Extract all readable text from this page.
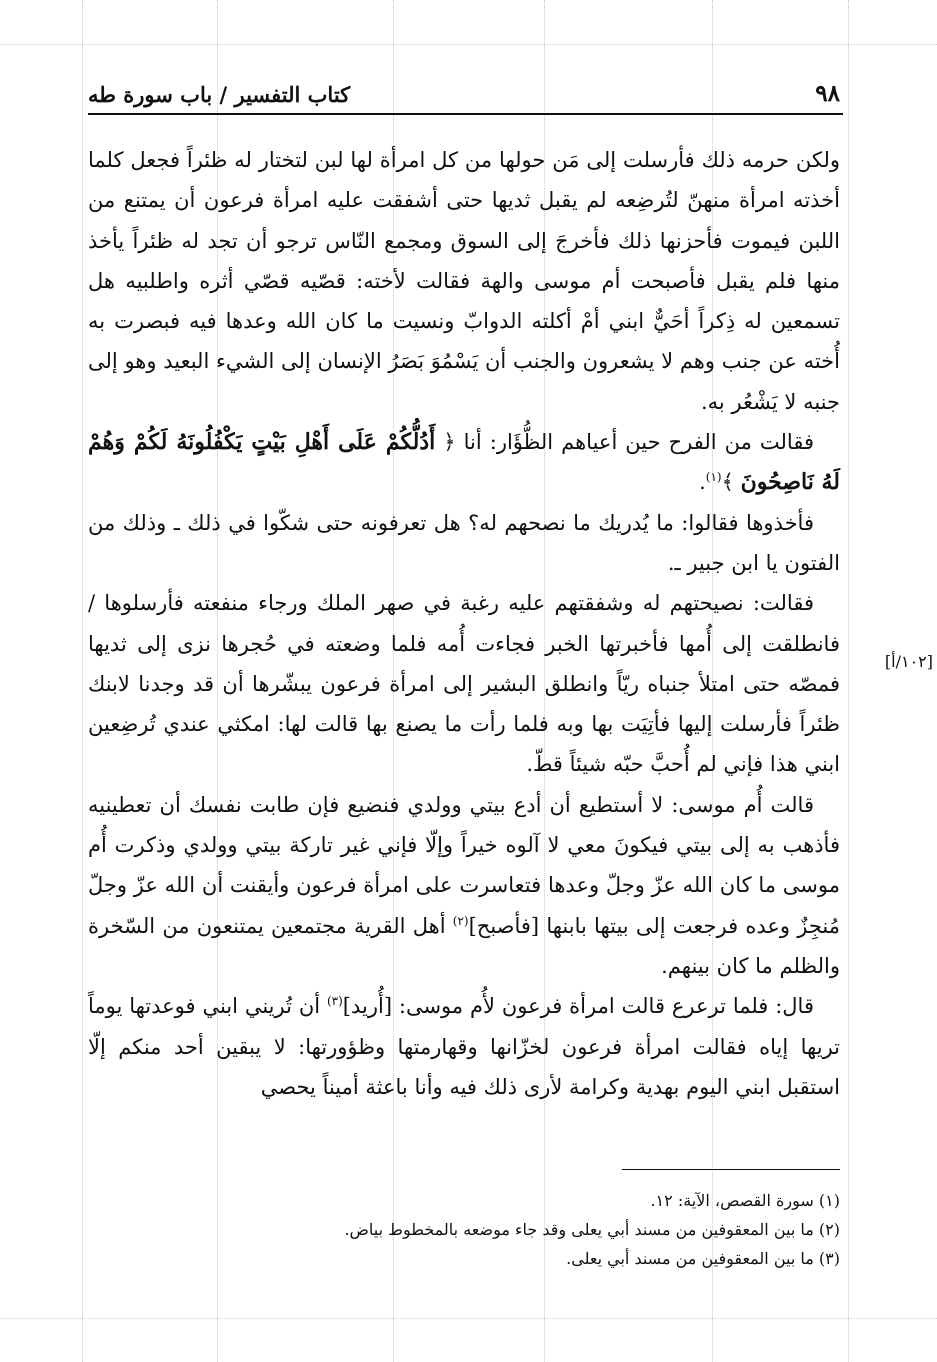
٩٨
كتاب التفسير / باب سورة طه
[١٠٢/أ]

ولكن حرمه ذلك فأرسلت إلى مَن حولها من كل امرأة لها لبن لتختار له ظئراً فجعل كلما أخذته امرأة منهنّ لتُرضِعه لم يقبل ثديها حتى أشفقت عليه امرأة فرعون أن يمتنع من اللبن فيموت فأحزنها ذلك فأخرجَ إلى السوق ومجمع النّاس ترجو أن تجد له ظئراً يأخذ منها فلم يقبل فأصبحت أم موسى والهة فقالت لأخته: قصّيه قصّي أثره واطلبيه هل تسمعين له ذِكراً أحَيٌّ ابني أمْ أكلته الدوابّ ونسيت ما كان الله وعدها فيه فبصرت به أُخته عن جنب وهم لا يشعرون والجنب أن يَسْمُوَ بَصَرُ الإنسان إلى الشيء البعيد وهو إلى جنبه لا يَشْعُر به.

فقالت من الفرح حين أعياهم الظُّؤَار: أنا ﴿ أَدُلُّكُمْ عَلَى أَهْلِ بَيْتٍ يَكْفُلُونَهُ لَكُمْ وَهُمْ لَهُ نَاصِحُونَ ﴾$^{(١)}$.

فأخذوها فقالوا: ما يُدريك ما نصحهم له؟ هل تعرفونه حتى شكّوا في ذلك ـ وذلك من الفتون يا ابن جبير ـ.

فقالت: نصيحتهم له وشفقتهم عليه رغبة في صهر الملك ورجاء منفعته فأرسلوها /فانطلقت إلى أُمها فأخبرتها الخبر فجاءت أُمه فلما وضعته في حُجرها نزى إلى ثديها فمصّه حتى امتلأ جنباه ريّاً وانطلق البشير إلى امرأة فرعون يبشّرها أن قد وجدنا لابنك ظئراً فأرسلت إليها فأتِيَت بها وبه فلما رأت ما يصنع بها قالت لها: امكثي عندي تُرضِعين ابني هذا فإني لم أُحبَّ حبّه شيئاً قطّ.

قالت أُم موسى: لا أستطيع أن أدع بيتي وولدي فنضيع فإن طابت نفسك أن تعطينيه فأذهب به إلى بيتي فيكونَ معي لا آلوه خيراً وإلّا فإني غير تاركة بيتي وولدي وذكرت أُم موسى ما كان الله عزّ وجلّ وعدها فتعاسرت على امرأة فرعون وأيقنت أن الله عزّ وجلّ مُنجِزٌ وعده فرجعت إلى بيتها بابنها [فأصبح]$^{(٢)}$ أهل القرية مجتمعين يمتنعون من السّخرة والظلم ما كان بينهم.

قال: فلما ترعرع قالت امرأة فرعون لأُم موسى: [أُريد]$^{(٣)}$ أن تُريني ابني فوعدتها يوماً تريها إياه فقالت امرأة فرعون لخزّانها وقهارمتها وظؤورتها: لا يبقين أحد منكم إلّا استقبل ابني اليوم بهدية وكرامة لأرى ذلك فيه وأنا باعثة أميناً يحصي

(١) سورة القصص، الآية: ١٢.

(٢) ما بين المعقوفين من مسند أبي يعلى وقد جاء موضعه بالمخطوط بياض.

(٣) ما بين المعقوفين من مسند أبي يعلى.
